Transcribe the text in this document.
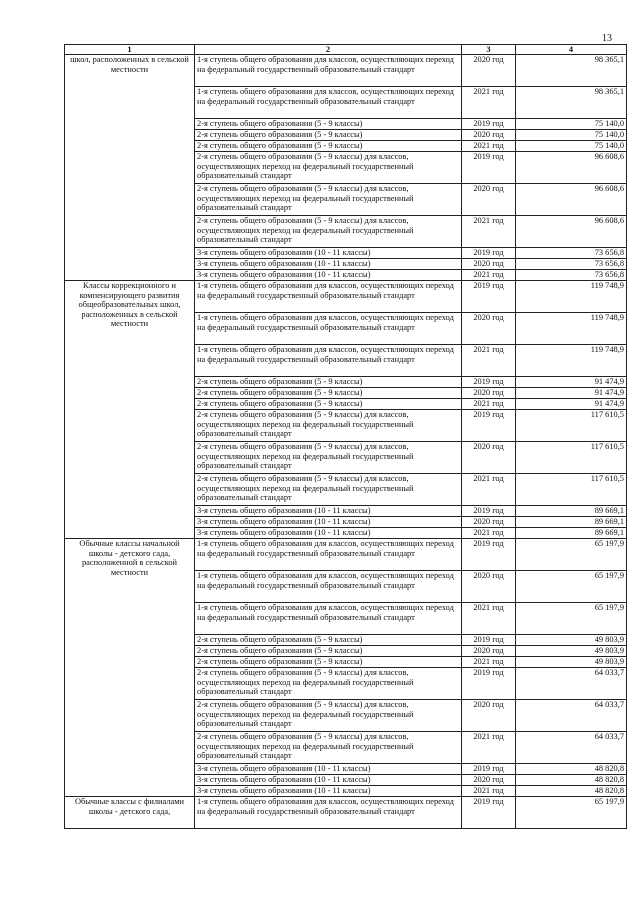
13
1	2	3	4
школ, расположенных в сельской местности	1-я ступень общего образования для классов, осуществляющих переход на федеральный государственный образовательный стандарт	2020 год	98 365,1
	1-я ступень общего образования для классов, осуществляющих переход на федеральный государственный образовательный стандарт	2021 год	98 365,1
	2-я ступень общего образования (5 - 9 классы)	2019 год	75 140,0
	2-я ступень общего образования (5 - 9 классы)	2020 год	75 140,0
	2-я ступень общего образования (5 - 9 классы)	2021 год	75 140,0
	2-я ступень общего образования (5 - 9 классы) для классов, осуществляющих переход на федеральный государственный образовательный стандарт	2019 год	96 608,6
	2-я ступень общего образования (5 - 9 классы) для классов, осуществляющих переход на федеральный государственный образовательный стандарт	2020 год	96 608,6
	2-я ступень общего образования (5 - 9 классы) для классов, осуществляющих переход на федеральный государственный образовательный стандарт	2021 год	96 608,6
	3-я ступень общего образования (10 - 11 классы)	2019 год	73 656,8
	3-я ступень общего образования (10 - 11 классы)	2020 год	73 656,8
	3-я ступень общего образования (10 - 11 классы)	2021 год	73 656,8
Классы коррекционного и компенсирующего развития общеобразовательных школ, расположенных в сельской местности	1-я ступень общего образования для классов, осуществляющих переход на федеральный государственный образовательный стандарт	2019 год	119 748,9
	1-я ступень общего образования для классов, осуществляющих переход на федеральный государственный образовательный стандарт	2020 год	119 748,9
	1-я ступень общего образования для классов, осуществляющих переход на федеральный государственный образовательный стандарт	2021 год	119 748,9
	2-я ступень общего образования (5 - 9 классы)	2019 год	91 474,9
	2-я ступень общего образования (5 - 9 классы)	2020 год	91 474,9
	2-я ступень общего образования (5 - 9 классы)	2021 год	91 474,9
	2-я ступень общего образования (5 - 9 классы) для классов, осуществляющих переход на федеральный государственный образовательный стандарт	2019 год	117 610,5
	2-я ступень общего образования (5 - 9 классы) для классов, осуществляющих переход на федеральный государственный образовательный стандарт	2020 год	117 610,5
	2-я ступень общего образования (5 - 9 классы) для классов, осуществляющих переход на федеральный государственный образовательный стандарт	2021 год	117 610,5
	3-я ступень общего образования (10 - 11 классы)	2019 год	89 669,1
	3-я ступень общего образования (10 - 11 классы)	2020 год	89 669,1
	3-я ступень общего образования (10 - 11 классы)	2021 год	89 669,1
Обычные классы начальной школы - детского сада, расположенной в сельской местности	1-я ступень общего образования для классов, осуществляющих переход на федеральный государственный образовательный стандарт	2019 год	65 197,9
	1-я ступень общего образования для классов, осуществляющих переход на федеральный государственный образовательный стандарт	2020 год	65 197,9
	1-я ступень общего образования для классов, осуществляющих переход на федеральный государственный образовательный стандарт	2021 год	65 197,9
	2-я ступень общего образования (5 - 9 классы)	2019 год	49 803,9
	2-я ступень общего образования (5 - 9 классы)	2020 год	49 803,9
	2-я ступень общего образования (5 - 9 классы)	2021 год	49 803,9
	2-я ступень общего образования (5 - 9 классы) для классов, осуществляющих переход на федеральный государственный образовательный стандарт	2019 год	64 033,7
	2-я ступень общего образования (5 - 9 классы) для классов, осуществляющих переход на федеральный государственный образовательный стандарт	2020 год	64 033,7
	2-я ступень общего образования (5 - 9 классы) для классов, осуществляющих переход на федеральный государственный образовательный стандарт	2021 год	64 033,7
	3-я ступень общего образования (10 - 11 классы)	2019 год	48 820,8
	3-я ступень общего образования (10 - 11 классы)	2020 год	48 820,8
	3-я ступень общего образования (10 - 11 классы)	2021 год	48 820,8
Обычные классы с филиалами школы - детского сада,	1-я ступень общего образования для классов, осуществляющих переход на федеральный государственный образовательный стандарт	2019 год	65 197,9
